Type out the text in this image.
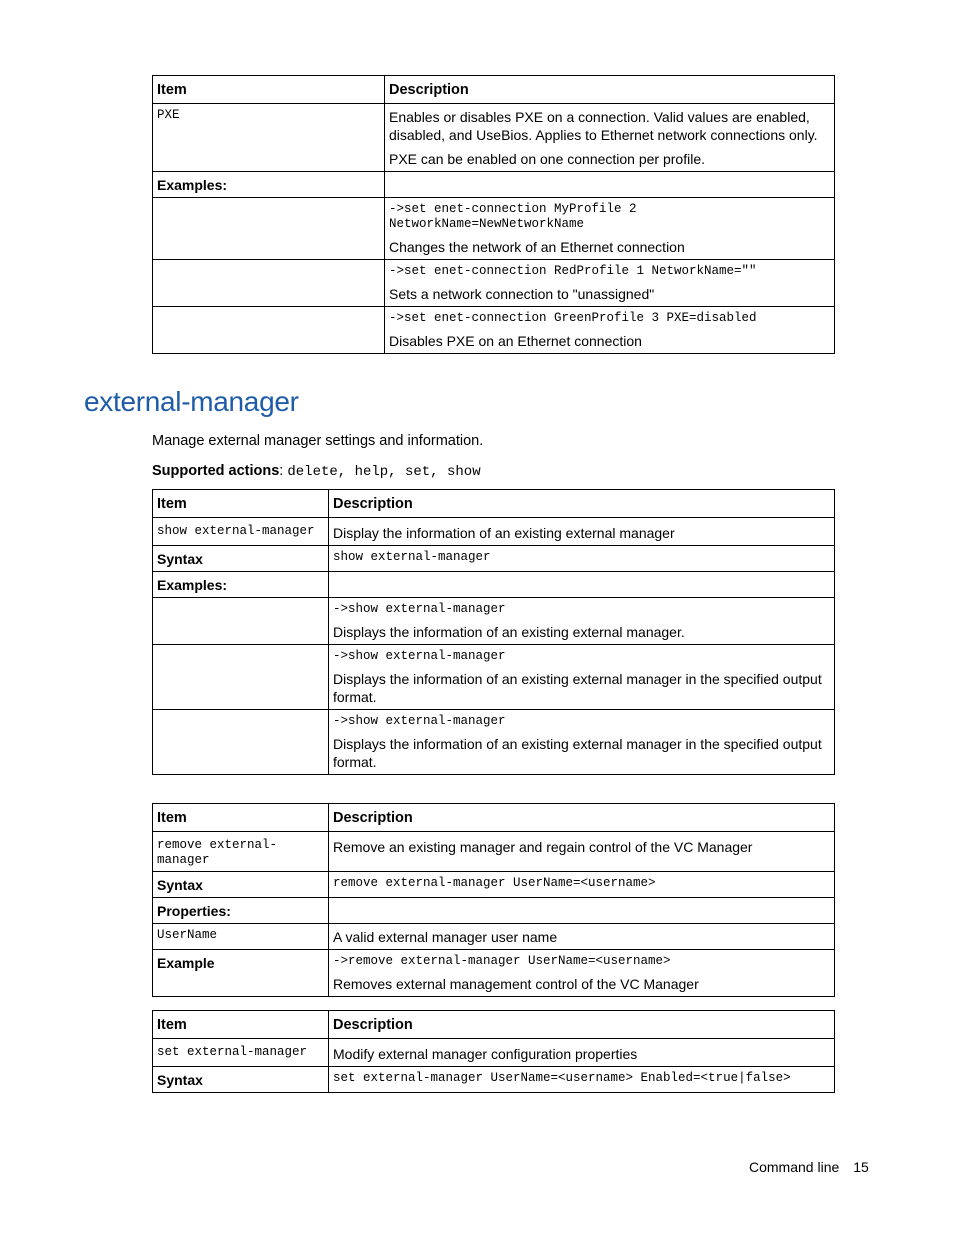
Item	Description

PXE	Enables or disables PXE on a connection. Valid values are enabled, disabled, and UseBios. Applies to Ethernet network connections only.
PXE can be enabled on one connection per profile.

Examples:	

	->set enet-connection MyProfile 2 NetworkName=NewNetworkName
Changes the network of an Ethernet connection

	->set enet-connection RedProfile 1 NetworkName=""
Sets a network connection to "unassigned"

	->set enet-connection GreenProfile 3 PXE=disabled
Disables PXE on an Ethernet connection
external-manager
Manage external manager settings and information.
Supported actions: delete, help, set, show
Item	Description

show external-manager	Display the information of an existing external manager
Syntax	show external-manager

Examples:	

	->show external-manager
Displays the information of an existing external manager.

	->show external-manager
Displays the information of an existing external manager in the specified output format.

	->show external-manager
Displays the information of an existing external manager in the specified output format.
Item	Description

remove external-manager	Remove an existing manager and regain control of the VC Manager
Syntax	remove external-manager UserName=<username>

Properties:	

UserName	A valid external manager user name
Example	->remove external-manager UserName=<username>
Removes external management control of the VC Manager
Item	Description

set external-manager	Modify external manager configuration properties
Syntax	set external-manager UserName=<username> Enabled=<true|false>
Command line 15
